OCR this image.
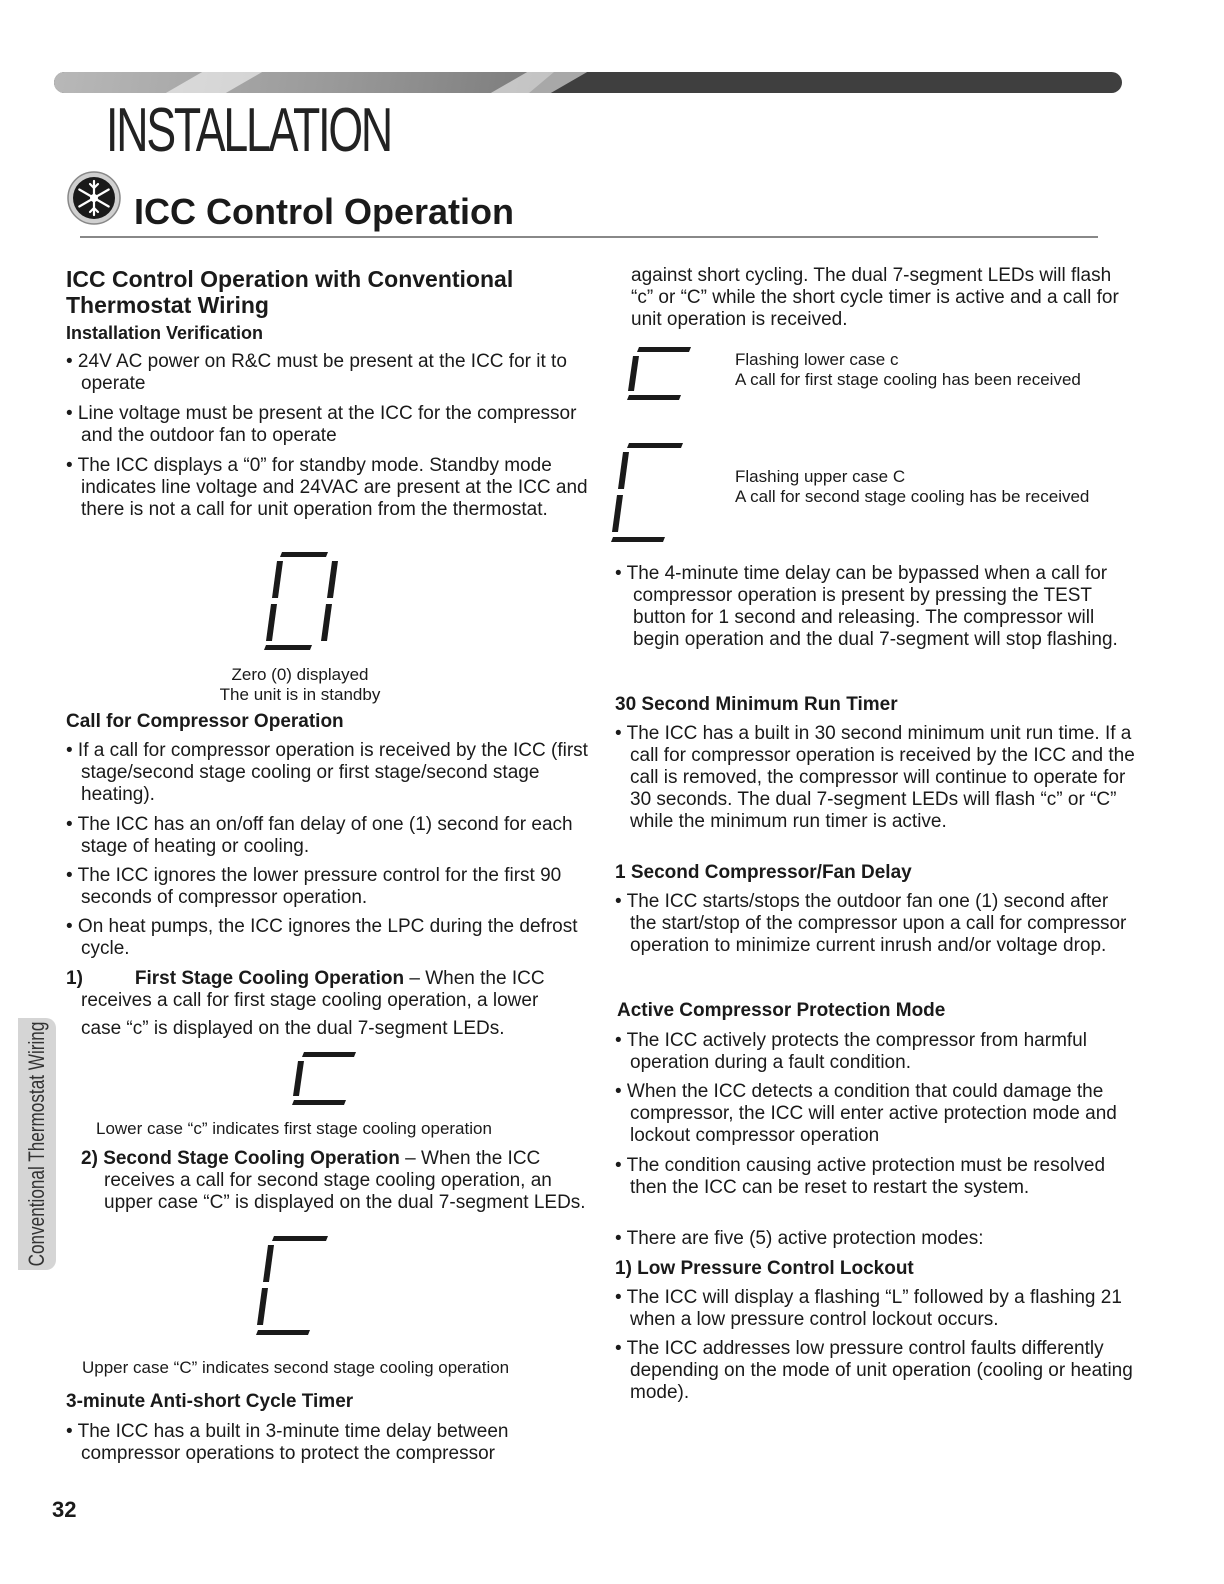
INSTALLATION
ICC Control Operation

ICC Control Operation with Conventional Thermostat Wiring

Installation Verification

• 24V AC power on R&C must be present at the ICC for it to operate

• Line voltage must be present at the ICC for the compressor and the outdoor fan to operate

• The ICC displays a “0” for standby mode. Standby mode indicates line voltage and 24VAC are present at the ICC and there is not a call for unit operation from the thermostat.

Zero (0) displayed

The unit is in standby

Call for Compressor Operation

• If a call for compressor operation is received by the ICC (first stage/second stage cooling or first stage/second stage heating).

• The ICC has an on/off fan delay of one (1) second for each stage of heating or cooling.

• The ICC ignores the lower pressure control for the first 90 seconds of compressor operation.

• On heat pumps, the ICC ignores the LPC during the defrost cycle.

1)	First Stage Cooling Operation – When the ICC

receives a call for first stage cooling operation, a lower

case “c” is displayed on the dual 7-segment LEDs.

Lower case “c” indicates first stage cooling operation

2) Second Stage Cooling Operation – When the ICC receives a call for second stage cooling operation, an upper case “C” is displayed on the dual 7-segment LEDs.

Upper case “C” indicates second stage cooling operation

3-minute Anti-short Cycle Timer

• The ICC has a built in 3-minute time delay between compressor operations to protect the compressor

against short cycling. The dual 7-segment LEDs will flash “c” or “C” while the short cycle timer is active and a call for unit operation is received.

Flashing lower case c

A call for first stage cooling has been received

Flashing upper case C

A call for second stage cooling has be received

• The 4-minute time delay can be bypassed when a call for compressor operation is present by pressing the TEST button for 1 second and releasing. The compressor will begin operation and the dual 7-segment will stop flashing.

30 Second Minimum Run Timer

• The ICC has a built in 30 second minimum unit run time. If a call for compressor operation is received by the ICC and the call is removed, the compressor will continue to operate for 30 seconds. The dual 7-segment LEDs will flash “c” or “C” while the minimum run timer is active.

1 Second Compressor/Fan Delay

• The ICC starts/stops the outdoor fan one (1) second after the start/stop of the compressor upon a call for compressor operation to minimize current inrush and/or voltage drop.

Active Compressor Protection Mode

• The ICC actively protects the compressor from harmful operation during a fault condition.

• When the ICC detects a condition that could damage the compressor, the ICC will enter active protection mode and lockout compressor operation

• The condition causing active protection must be resolved then the ICC can be reset to restart the system.

• There are five (5) active protection modes:

1) Low Pressure Control Lockout

• The ICC will display a flashing “L” followed by a flashing 21 when a low pressure control lockout occurs.

• The ICC addresses low pressure control faults differently depending on the mode of unit operation (cooling or heating mode).

Conventional Thermostat Wiring

32
